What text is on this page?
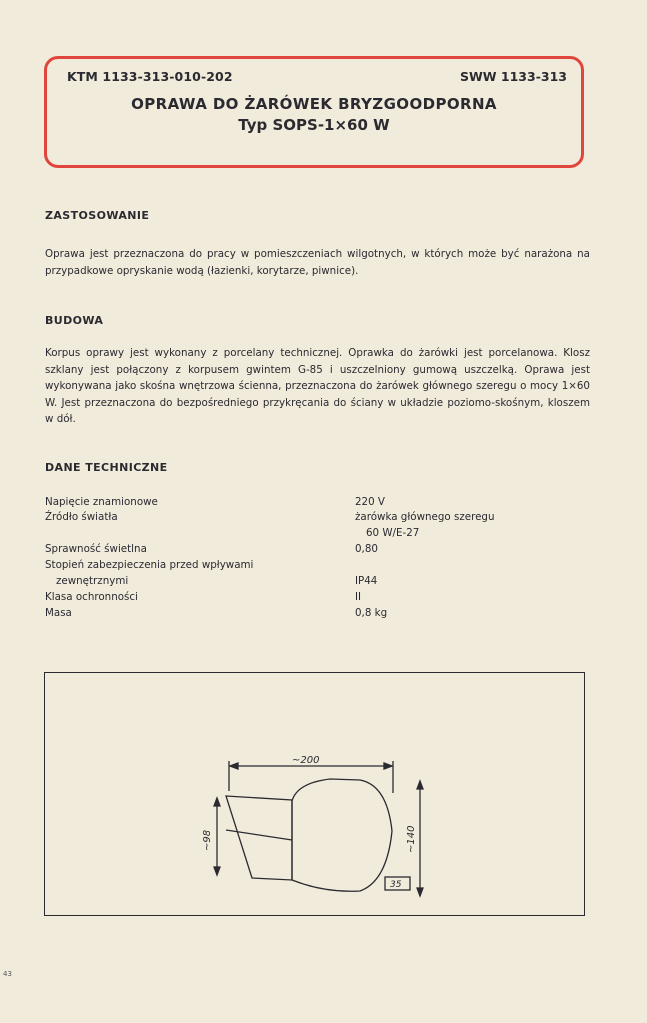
KTM 1133-313-010-202	SWW 1133-313
OPRAWA DO ŻARÓWEK BRYZGOODPORNA
Typ SOPS-1×60 W
ZASTOSOWANIE

Oprawa jest przeznaczona do pracy w pomieszczeniach wilgotnych, w których może być narażona na przypadkowe opryskanie wodą (łazienki, korytarze, piwnice).

BUDOWA

Korpus oprawy jest wykonany z porcelany technicznej. Oprawka do żarówki jest porcelanowa. Klosz szklany jest połączony z korpusem gwintem G-85 i uszczelniony gumową uszczelką. Oprawa jest wykonywana jako skośna wnętrzowa ścienna, przeznaczona do żarówek głównego szeregu o mocy 1×60 W. Jest przeznaczona do bezpośredniego przykręcania do ściany w układzie poziomo-skośnym, kloszem w dół.

DANE TECHNICZNE
Napięcie znamionowe	220 V
Źródło światła	żarówka głównego szeregu
60 W/E-27
Sprawność świetlna	0,80
Stopień zabezpieczenia przed wpływami
zewnętrznymi	IP44
Klasa ochronności	II
Masa	0,8 kg
~200
~98	~140
35
43
